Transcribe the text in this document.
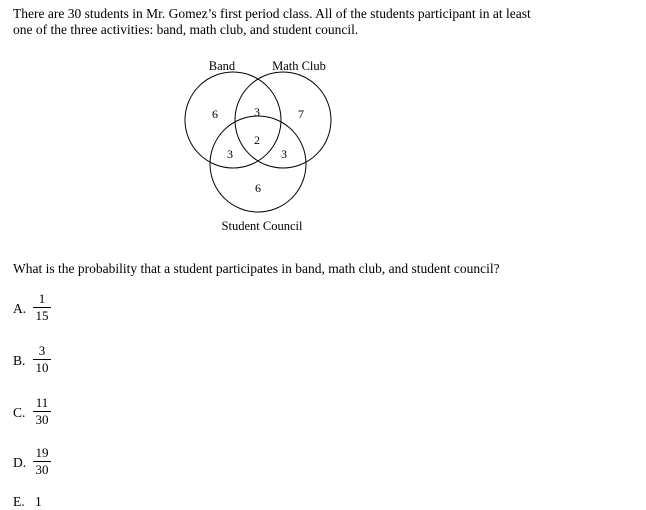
There are 30 students in Mr. Gomez’s first period class. All of the students participant in at least
one of the three activities: band, math club, and student council.
Band	Math Club
Student Council
6	3	7
3
2
3
6
What is the probability that a student participates in band, math club, and student council?
A.
1
15
B.
3
10
C.
11
30
D.
19
30
E. 1
